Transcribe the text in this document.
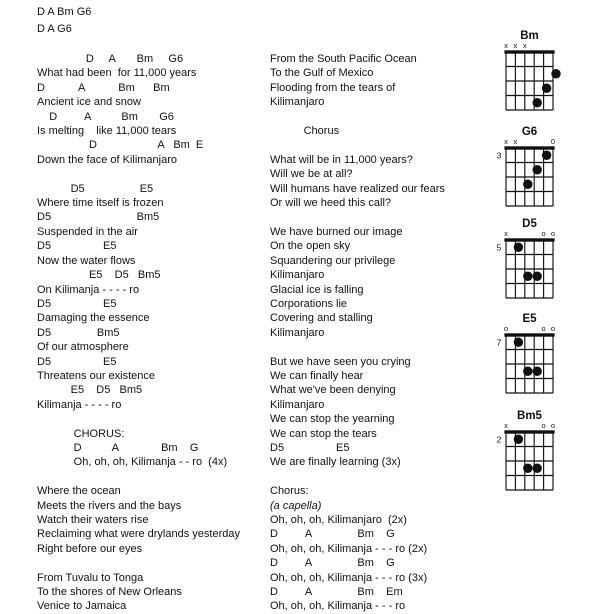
D A Bm G6
D A G6
D     A       Bm     G6
What had been  for 11,000 years
D           A           Bm      Bm
Ancient ice and snow
D         A          Bm       G6
Is melting    like 11,000 tears
D                    A   Bm  E
Down the face of Kilimanjaro

D5                  E5
Where time itself is frozen
D5                            Bm5
Suspended in the air
D5                 E5
Now the water flows
E5    D5   Bm5
On Kilimanja - - - - ro
D5                 E5
Damaging the essence
D5               Bm5
Of our atmosphere
D5                 E5
Threatens our existence
E5    D5   Bm5
Kilimanja - - - - ro

CHORUS:
D          A              Bm    G
Oh, oh, oh, Kilimanja - - ro  (4x)

Where the ocean
Meets the rivers and the bays
Watch their waters rise
Reclaiming what were drylands yesterday
Right before our eyes

From Tuvalu to Tonga
To the shores of New Orleans
Venice to Jamaica
From the South Pacific Ocean
To the Gulf of Mexico
Flooding from the tears of
Kilimanjaro

Chorus

What will be in 11,000 years?
Will we be at all?
Will humans have realized our fears
Or will we heed this call?

We have burned our image
On the open sky
Squandering our privilege
Kilimanjaro
Glacial ice is falling
Corporations lie
Covering and stalling
Kilimanjaro

But we have seen you crying
We can finally hear
What we've been denying
Kilimanjaro
We can stop the yearning
We can stop the tears
D5                 E5
We are finally learning (3x)

Chorus:
(a capella)
Oh, oh, oh, Kilimanjaro  (2x)
D         A               Bm    G
Oh, oh, oh, Kilimanja - - - ro (2x)
D         A               Bm    G
Oh, oh, oh, Kilimanja - - - ro (3x)
D         A               Bm    Em
Oh, oh, oh, Kilimanja - - - ro
Bm
x x x
G6
x x	0
3
D5
x	o o
5
E5
o	o o
7
Bm5
x	o o
2
